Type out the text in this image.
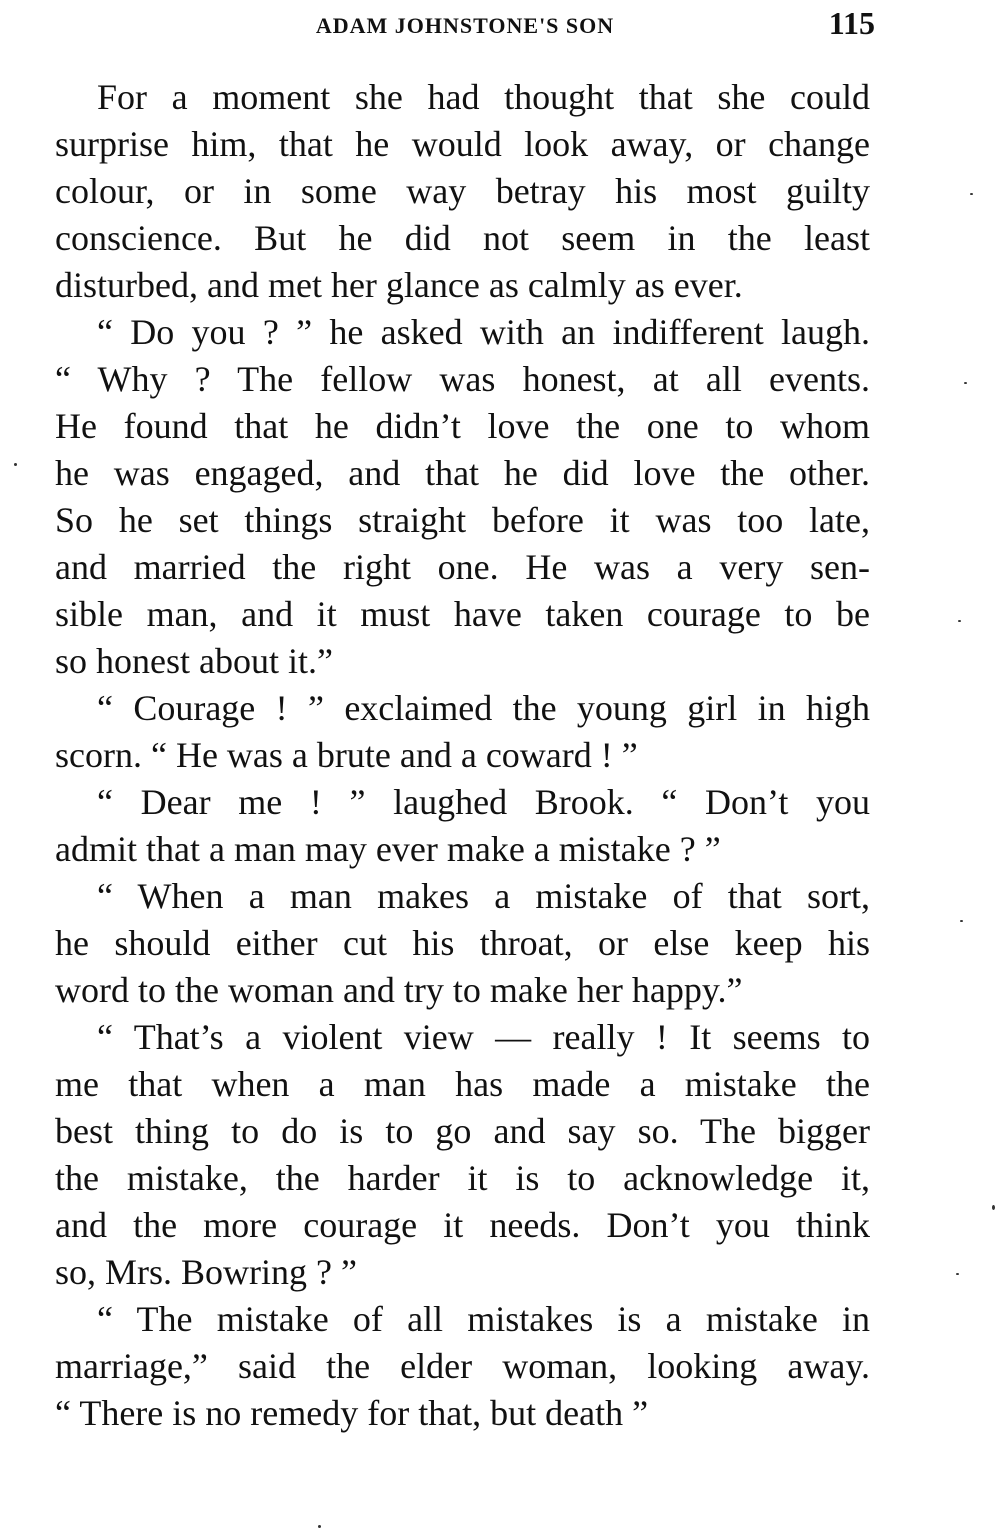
ADAM JOHNSTONE'S SON	115
For a moment she had thought that she could
surprise him, that he would look away, or change
colour, or in some way betray his most guilty
conscience. But he did not seem in the least
disturbed, and met her glance as calmly as ever.
“ Do you ? ” he asked with an indifferent laugh.
“ Why ? The fellow was honest, at all events.
He found that he didn’t love the one to whom
he was engaged, and that he did love the other.
So he set things straight before it was too late,
and married the right one. He was a very sen-
sible man, and it must have taken courage to be
so honest about it.”
“ Courage ! ” exclaimed the young girl in high
scorn. “ He was a brute and a coward ! ”
“ Dear me ! ” laughed Brook. “ Don’t you
admit that a man may ever make a mistake ? ”
“ When a man makes a mistake of that sort,
he should either cut his throat, or else keep his
word to the woman and try to make her happy.”
“ That’s a violent view — really ! It seems to
me that when a man has made a mistake the
best thing to do is to go and say so. The bigger
the mistake, the harder it is to acknowledge it,
and the more courage it needs. Don’t you think
so, Mrs. Bowring ? ”
“ The mistake of all mistakes is a mistake in
marriage,” said the elder woman, looking away.
“ There is no remedy for that, but death ”
